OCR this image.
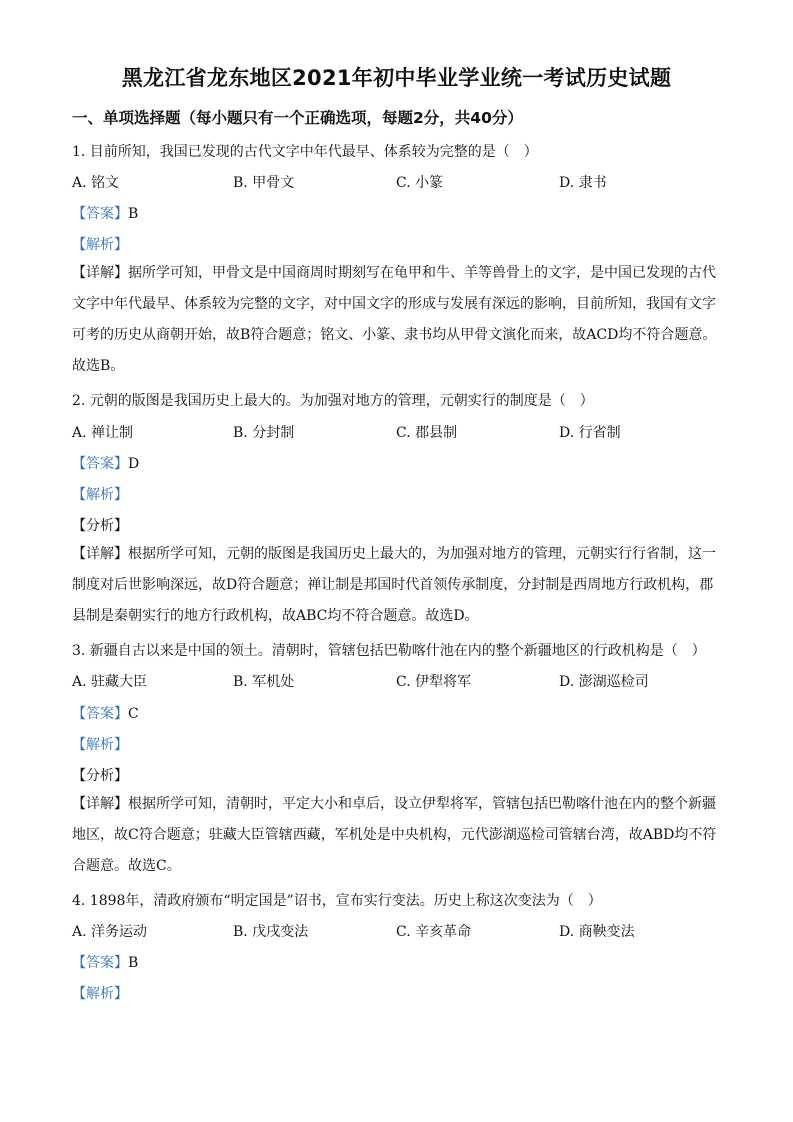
黑龙江省龙东地区2021年初中毕业学业统一考试历史试题
一、单项选择题（每小题只有一个正确选项，每题2分，共40分）
1. 目前所知，我国已发现的古代文字中年代最早、体系较为完整的是（　）
A. 铭文	B. 甲骨文	C. 小篆	D. 隶书
【答案】B
【解析】
【详解】据所学可知，甲骨文是中国商周时期刻写在龟甲和牛、羊等兽骨上的文字，是中国已发现的古代
文字中年代最早、体系较为完整的文字，对中国文字的形成与发展有深远的影响，目前所知，我国有文字
可考的历史从商朝开始，故B符合题意；铭文、小篆、隶书均从甲骨文演化而来，故ACD均不符合题意。
故选B。
2. 元朝的版图是我国历史上最大的。为加强对地方的管理，元朝实行的制度是（　）
A. 禅让制	B. 分封制	C. 郡县制	D. 行省制
【答案】D
【解析】
【分析】
【详解】根据所学可知，元朝的版图是我国历史上最大的，为加强对地方的管理，元朝实行行省制，这一
制度对后世影响深远，故D符合题意；禅让制是邦国时代首领传承制度，分封制是西周地方行政机构，郡
县制是秦朝实行的地方行政机构，故ABC均不符合题意。故选D。
3. 新疆自古以来是中国的领土。清朝时，管辖包括巴勒喀什池在内的整个新疆地区的行政机构是（　）
A. 驻藏大臣	B. 军机处	C. 伊犁将军	D. 澎湖巡检司
【答案】C
【解析】
【分析】
【详解】根据所学可知，清朝时，平定大小和卓后，设立伊犁将军，管辖包括巴勒喀什池在内的整个新疆
地区，故C符合题意；驻藏大臣管辖西藏，军机处是中央机构，元代澎湖巡检司管辖台湾，故ABD均不符
合题意。故选C。
4. 1898年，清政府颁布“明定国是”诏书，宣布实行变法。历史上称这次变法为（　）
A. 洋务运动	B. 戊戌变法	C. 辛亥革命	D. 商鞅变法
【答案】B
【解析】
